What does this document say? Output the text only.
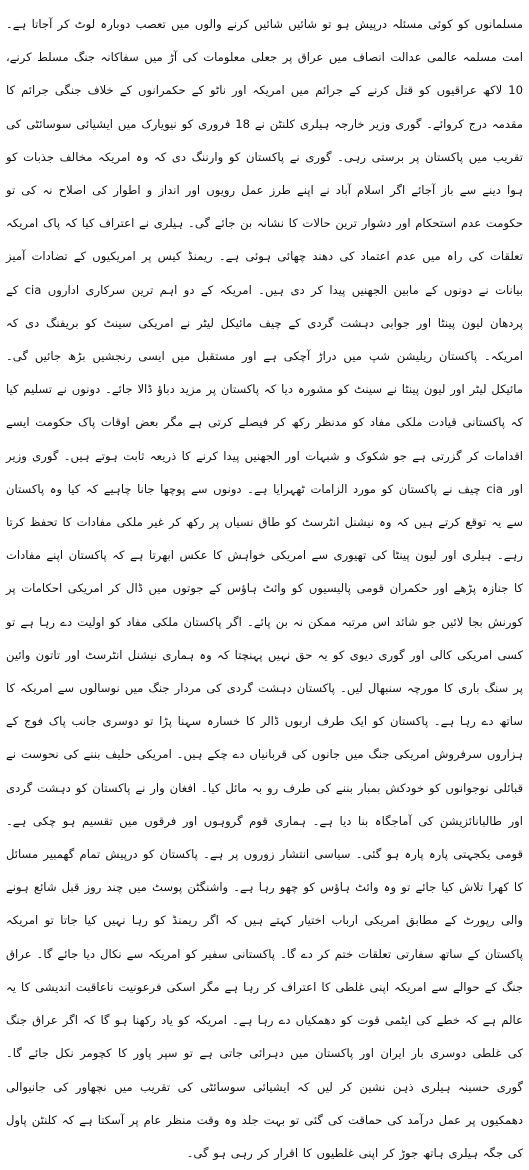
مسلمانوں کو کوئی مسئلہ درپیش ہو تو شائیں شائیں کرنے والوں میں تعصب دوبارہ لوٹ کر آجاتا ہے۔ امت مسلمہ عالمی عدالت انصاف میں عراق پر جعلی معلومات کی آڑ میں سفاکانہ جنگ مسلط کرنے، 10 لاکھ عراقیوں کو قتل کرنے کے جرائم میں امریکہ اور ناٹو کے حکمرانوں کے خلاف جنگی جرائم کا مقدمہ درج کروائے۔ گوری وزیر خارجہ ہیلری کلنٹن نے 18 فروری کو نیویارک میں ایشیائی سوسائٹی کی تقریب میں پاکستان پر برستی رہی۔ گوری نے پاکستان کو وارننگ دی کہ وہ امریکہ مخالف جذبات کو ہوا دینے سے باز آجائے اگر اسلام آباد نے اپنے طرز عمل رویوں اور انداز و اطوار کی اصلاح نہ کی تو حکومت عدم استحکام اور دشوار ترین حالات کا نشانہ بن جائے گی۔ ہیلری نے اعتراف کیا کہ پاک امریکہ تعلقات کی راہ میں عدم اعتماد کی دھند چھائی ہوئی ہے۔ ریمنڈ کیس پر امریکیوں کے تضادات آمیز بیانات نے دونوں کے مابین الجھنیں پیدا کر دی ہیں۔ امریکہ کے دو اہم ترین سرکاری اداروں cia کے پردھان لیون پینٹا اور جوابی دہشت گردی کے چیف مائیکل لیٹر نے امریکی سینٹ کو بریفنگ دی کہ امریکہ۔ پاکستان ریلیشن شپ میں دراڑ آچکی ہے اور مستقبل میں ایسی رنجشیں بڑھ جائیں گی۔ مائیکل لیٹر اور لیون پینٹا نے سینٹ کو مشورہ دیا کہ پاکستان پر مزید دباؤ ڈالا جائے۔ دونوں نے تسلیم کیا کہ پاکستانی قیادت ملکی مفاد کو مدنظر رکھ کر فیصلے کرتی ہے مگر بعض اوقات پاک حکومت ایسے اقدامات کر گزرتی ہے جو شکوک و شبہات اور الجھنیں پیدا کرنے کا ذریعہ ثابت ہوتے ہیں۔ گوری وزیر اور cia چیف نے پاکستان کو مورد الزامات ٹھہرایا ہے۔ دونوں سے پوچھا جانا چاہیے کہ کیا وہ پاکستان سے یہ توقع کرتے ہیں کہ وہ نیشنل انٹرسٹ کو طاق نسیاں پر رکھ کر غیر ملکی مفادات کا تحفظ کرتا رہے۔ ہیلری اور لیون پینٹا کی تھیوری سے امریکی خواہش کا عکس ابھرتا ہے کہ پاکستان اپنے مفادات کا جنازہ پڑھے اور حکمران قومی پالیسیوں کو وائٹ ہاؤس کے جوتوں میں ڈال کر امریکی احکامات پر کورنش بجا لائیں جو شائد اس مرتبہ ممکن نہ بن پائے۔ اگر پاکستان ملکی مفاد کو اولیت دے رہا ہے تو کسی امریکی کالی اور گوری دیوی کو یہ حق نہیں پہنچتا کہ وہ ہماری نیشنل انٹرسٹ اور تاتون وائین پر سنگ باری کا مورچہ سنبھال لیں۔ پاکستان دہشت گردی کی مردار جنگ میں نوسالوں سے امریکہ کا ساتھ دے رہا ہے۔ پاکستان کو ایک طرف اربوں ڈالر کا خسارہ سہنا پڑا تو دوسری جانب پاک فوج کے ہزاروں سرفروش امریکی جنگ میں جانوں کی قربانیاں دے چکے ہیں۔ امریکی حلیف بننے کی نحوست نے قبائلی نوجوانوں کو خودکش بمبار بننے کی طرف رو بہ مائل کیا۔ افغان وار نے پاکستان کو دہشت گردی اور طالبانائزیشن کی آماجگاہ بنا دیا ہے۔ ہماری قوم گروہوں اور فرقوں میں تقسیم ہو چکی ہے۔ قومی یکجہتی پارہ پارہ ہو گئی۔ سیاسی انتشار زوروں پر ہے۔ پاکستان کو درپیش تمام گھمبیر مسائل کا کھرا تلاش کیا جائے تو وہ وائٹ ہاؤس کو چھو رہا ہے۔ واشنگٹن پوسٹ میں چند روز قبل شائع ہونے والی رپورٹ کے مطابق امریکی ارباب اختیار کہتے ہیں کہ اگر ریمنڈ کو رہا نہیں کیا جاتا تو امریکہ پاکستان کے ساتھ سفارتی تعلقات ختم کر دے گا۔ پاکستانی سفیر کو امریکہ سے نکال دیا جائے گا۔ عراق جنگ کے حوالے سے امریکہ اپنی غلطی کا اعتراف کر رہا ہے مگر اسکی فرعونیت ناعاقبت اندیشی کا یہ عالم ہے کہ خطے کی ایٹمی قوت کو دھمکیاں دے رہا ہے۔ امریکہ کو یاد رکھنا ہو گا کہ اگر عراق جنگ کی غلطی دوسری بار ایران اور پاکستان میں دہرائی جاتی ہے تو سپر پاور کا کچومر نکل جائے گا۔ گوری حسینہ ہیلری ذہن نشین کر لیں کہ ایشیائی سوسائٹی کی تقریب میں نچھاور کی جانیوالی دھمکیوں پر عمل درآمد کی حماقت کی گئی تو بہت جلد وہ وقت منظر عام پر آسکتا ہے کہ کلنٹن پاول کی جگہ ہیلری ہاتھ جوڑ کر اپنی غلطیوں کا اقرار کر رہی ہو گی۔
